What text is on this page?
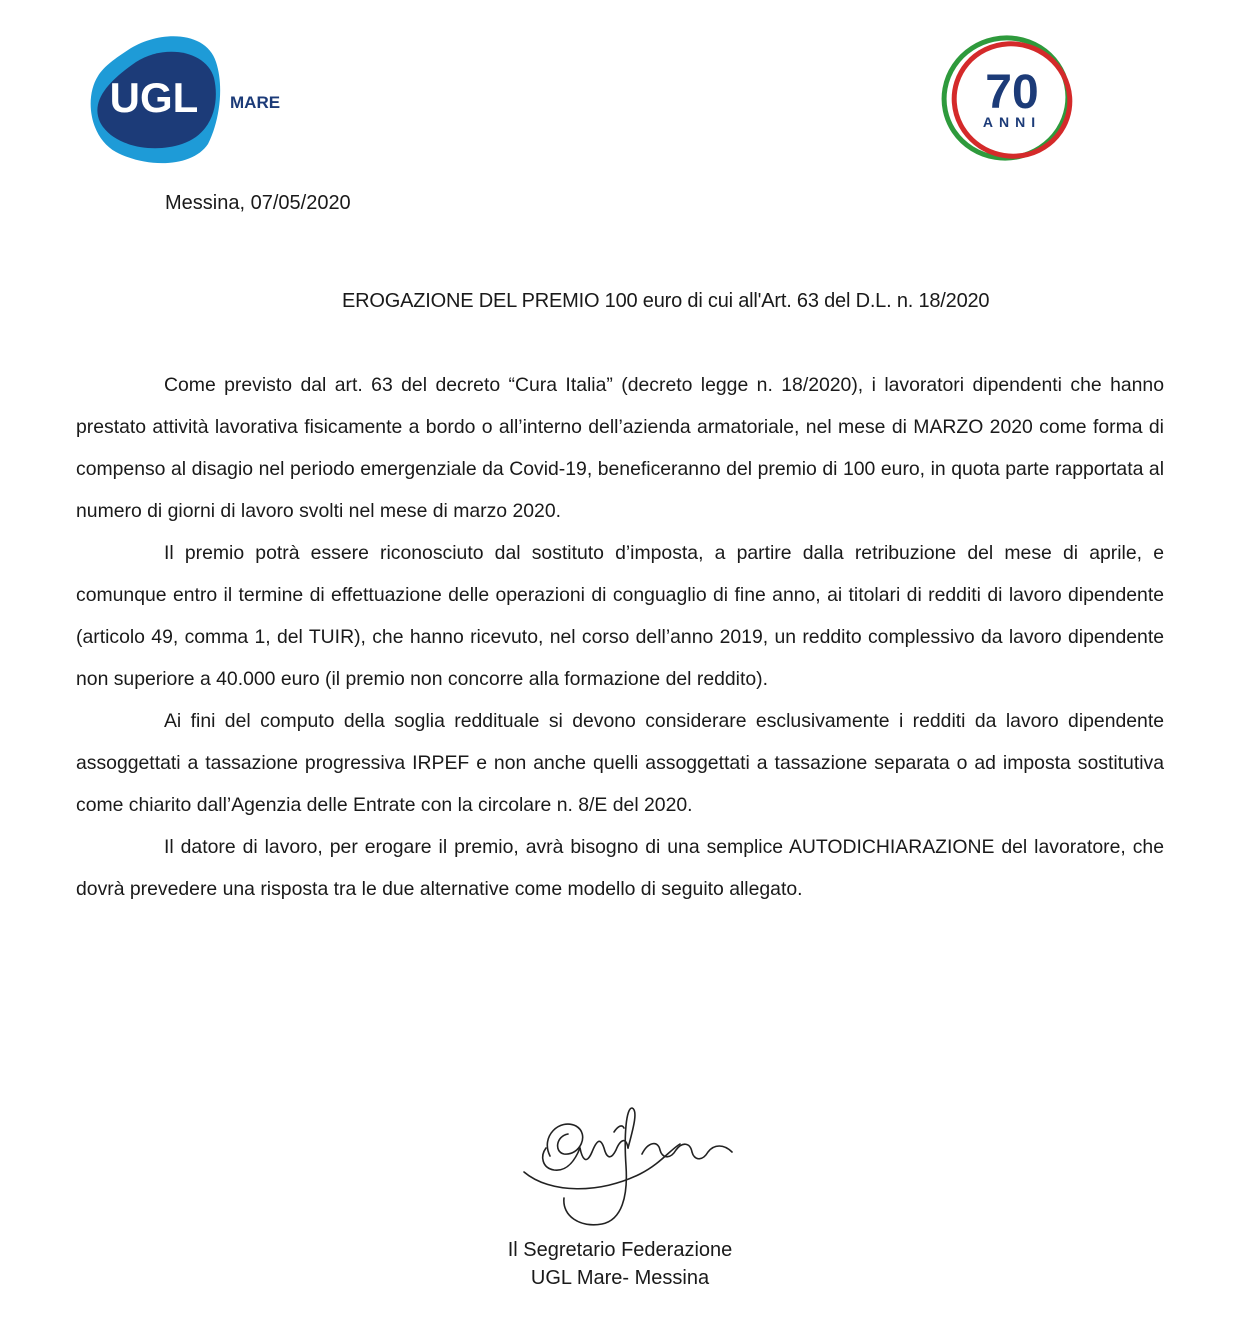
UGL MARE	70
ANNI
Messina, 07/05/2020
EROGAZIONE DEL PREMIO 100 euro di cui all'Art. 63 del D.L. n. 18/2020

Come previsto dal art. 63 del decreto “Cura Italia” (decreto legge n. 18/2020), i lavoratori dipendenti che hanno prestato attività lavorativa fisicamente a bordo o all’interno dell’azienda armatoriale, nel mese di MARZO 2020 come forma di compenso al disagio nel periodo emergenziale da Covid-19, beneficeranno del premio di 100 euro, in quota parte rapportata al numero di giorni di lavoro svolti nel mese di marzo 2020.

Il premio potrà essere riconosciuto dal sostituto d’imposta, a partire dalla retribuzione del mese di aprile, e comunque entro il termine di effettuazione delle operazioni di conguaglio di fine anno, ai titolari di redditi di lavoro dipendente (articolo 49, comma 1, del TUIR), che hanno ricevuto, nel corso dell’anno 2019, un reddito complessivo da lavoro dipendente non superiore a 40.000 euro (il premio non concorre alla formazione del reddito).

Ai fini del computo della soglia reddituale si devono considerare esclusivamente i redditi da lavoro dipendente assoggettati a tassazione progressiva IRPEF e non anche quelli assoggettati a tassazione separata o ad imposta sostitutiva come chiarito dall’Agenzia delle Entrate con la circolare n. 8/E del 2020.

Il datore di lavoro, per erogare il premio, avrà bisogno di una semplice AUTODICHIARAZIONE del lavoratore, che dovrà prevedere una risposta tra le due alternative come modello di seguito allegato.

Il Segretario Federazione
UGL Mare- Messina
